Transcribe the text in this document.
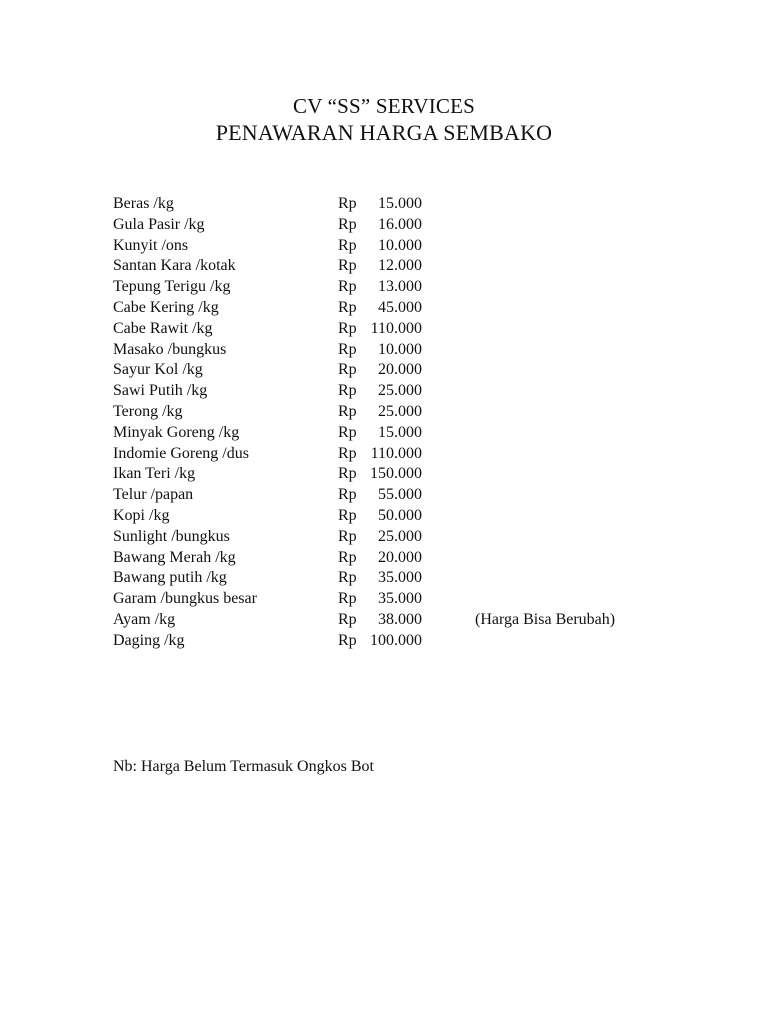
CV “SS” SERVICES
PENAWARAN HARGA SEMBAKO
Beras /kg	Rp	15.000
Gula Pasir /kg	Rp	16.000
Kunyit /ons	Rp	10.000
Santan Kara /kotak	Rp	12.000
Tepung Terigu /kg	Rp	13.000
Cabe Kering /kg	Rp	45.000
Cabe Rawit /kg	Rp 110.000
Masako /bungkus	Rp	10.000
Sayur Kol /kg	Rp	20.000
Sawi Putih /kg	Rp	25.000
Terong /kg	Rp	25.000
Minyak Goreng /kg	Rp	15.000
Indomie Goreng /dus	Rp 110.000
Ikan Teri /kg	Rp 150.000
Telur /papan	Rp	55.000
Kopi /kg	Rp	50.000
Sunlight /bungkus	Rp	25.000
Bawang Merah /kg	Rp	20.000
Bawang putih /kg	Rp	35.000
Garam /bungkus besar	Rp	35.000
Ayam /kg	Rp	38.000	(Harga Bisa Berubah)
Daging /kg	Rp 100.000
Nb: Harga Belum Termasuk Ongkos Bot
